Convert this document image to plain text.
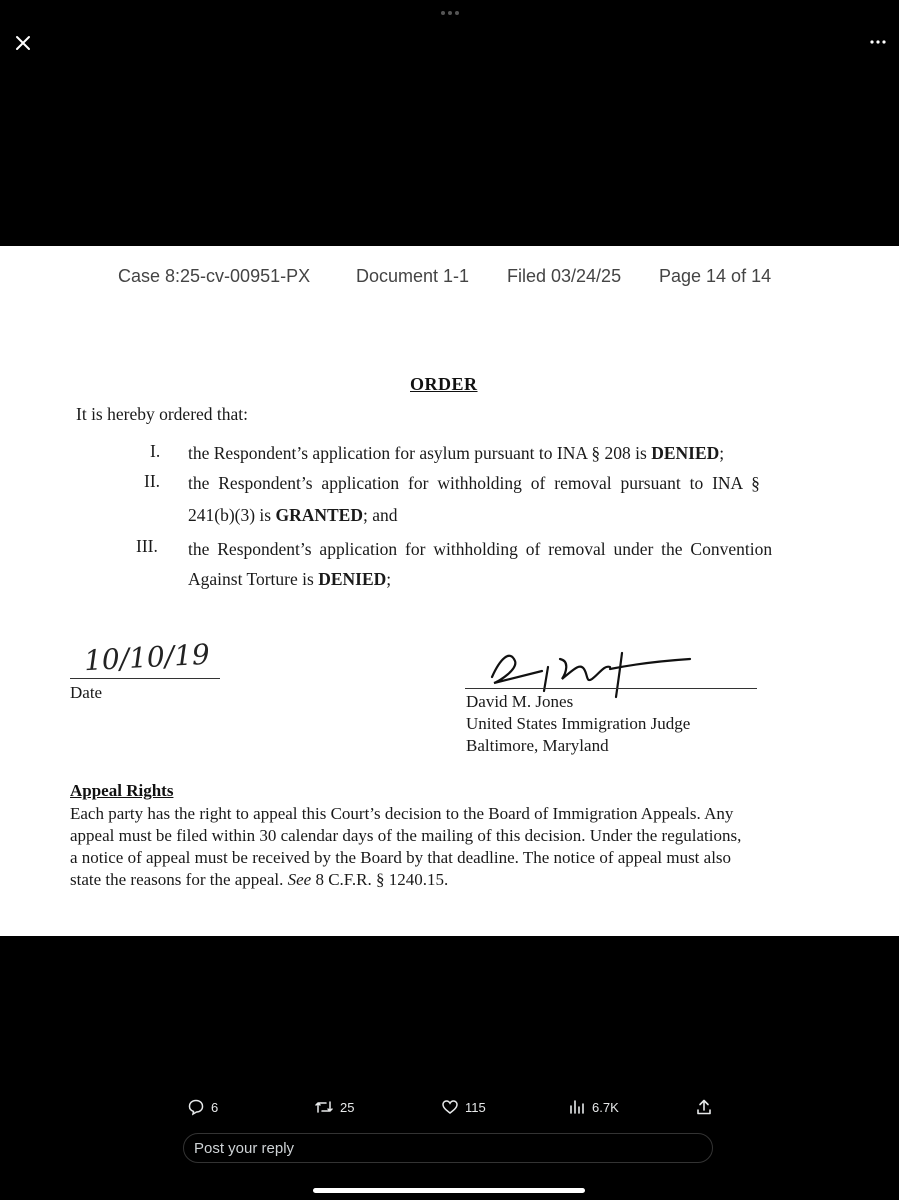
Case 8:25-cv-00951-PX	Document 1-1 Filed 03/24/25 Page 14 of 14
ORDER
It is hereby ordered that:
I. the Respondent’s application for asylum pursuant to INA § 208 is DENIED;
II. the Respondent’s application for withholding of removal pursuant to INA §
241(b)(3) is GRANTED; and
III. the Respondent’s application for withholding of removal under the Convention
Against Torture is DENIED;
10/10/19
Date	David M. Jones
United States Immigration Judge
Baltimore, Maryland
Appeal Rights
Each party has the right to appeal this Court’s decision to the Board of Immigration Appeals. Any
appeal must be filed within 30 calendar days of the mailing of this decision. Under the regulations,
a notice of appeal must be received by the Board by that deadline. The notice of appeal must also
state the reasons for the appeal. See 8 C.F.R. § 1240.15.
6	25	115	6.7K
Post your reply
